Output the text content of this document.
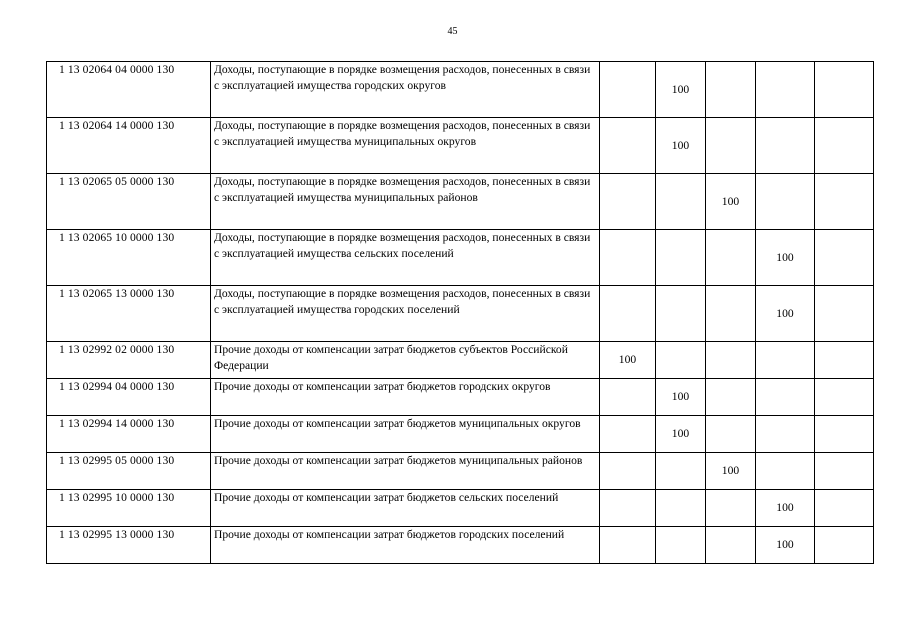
45
1 13 02064 04 0000 130	Доходы, поступающие в порядке возмещения расходов, понесенных в связи с эксплуатацией имущества городских округов		100			
1 13 02064 14 0000 130	Доходы, поступающие в порядке возмещения расходов, понесенных в связи с эксплуатацией имущества муниципальных округов		100			
1 13 02065 05 0000 130	Доходы, поступающие в порядке возмещения расходов, понесенных в связи с эксплуатацией имущества муниципальных районов			100		
1 13 02065 10 0000 130	Доходы, поступающие в порядке возмещения расходов, понесенных в связи с эксплуатацией имущества сельских поселений				100	
1 13 02065 13 0000 130	Доходы, поступающие в порядке возмещения расходов, понесенных в связи с эксплуатацией имущества городских поселений				100	
1 13 02992 02 0000 130	Прочие доходы от компенсации затрат бюджетов субъектов Российской Федерации	100				
1 13 02994 04 0000 130	Прочие доходы от компенсации затрат бюджетов городских округов		100			
1 13 02994 14 0000 130	Прочие доходы от компенсации затрат бюджетов муниципальных округов		100			
1 13 02995 05 0000 130	Прочие доходы от компенсации затрат бюджетов муниципальных районов			100		
1 13 02995 10 0000 130	Прочие доходы от компенсации затрат бюджетов сельских поселений				100	
1 13 02995 13 0000 130	Прочие доходы от компенсации затрат бюджетов городских поселений				100	
